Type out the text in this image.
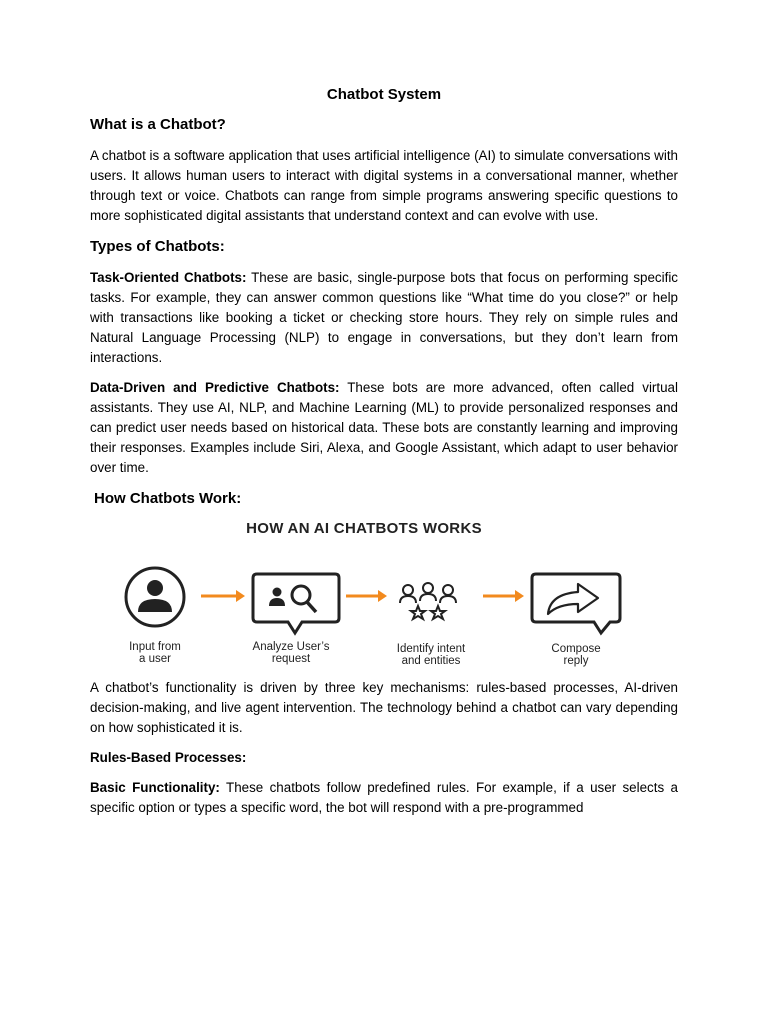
Chatbot System
What is a Chatbot?

A chatbot is a software application that uses artificial intelligence (AI) to simulate conversations with users. It allows human users to interact with digital systems in a conversational manner, whether through text or voice. Chatbots can range from simple programs answering specific questions to more sophisticated digital assistants that understand context and can evolve with use.

Types of Chatbots:

Task-Oriented Chatbots: These are basic, single-purpose bots that focus on performing specific tasks. For example, they can answer common questions like “What time do you close?” or help with transactions like booking a ticket or checking store hours. They rely on simple rules and Natural Language Processing (NLP) to engage in conversations, but they don’t learn from interactions.

Data-Driven and Predictive Chatbots: These bots are more advanced, often called virtual assistants. They use AI, NLP, and Machine Learning (ML) to provide personalized responses and can predict user needs based on historical data. These bots are constantly learning and improving their responses. Examples include Siri, Alexa, and Google Assistant, which adapt to user behavior over time.

How Chatbots Work:
HOW AN AI CHATBOTS WORKS
Input from
a user
Analyze User’s
request
Identify intent
and entities
Compose
reply

A chatbot’s functionality is driven by three key mechanisms: rules-based processes, AI-driven decision-making, and live agent intervention. The technology behind a chatbot can vary depending on how sophisticated it is.

Rules-Based Processes:

Basic Functionality: These chatbots follow predefined rules. For example, if a user selects a specific option or types a specific word, the bot will respond with a pre-programmed
